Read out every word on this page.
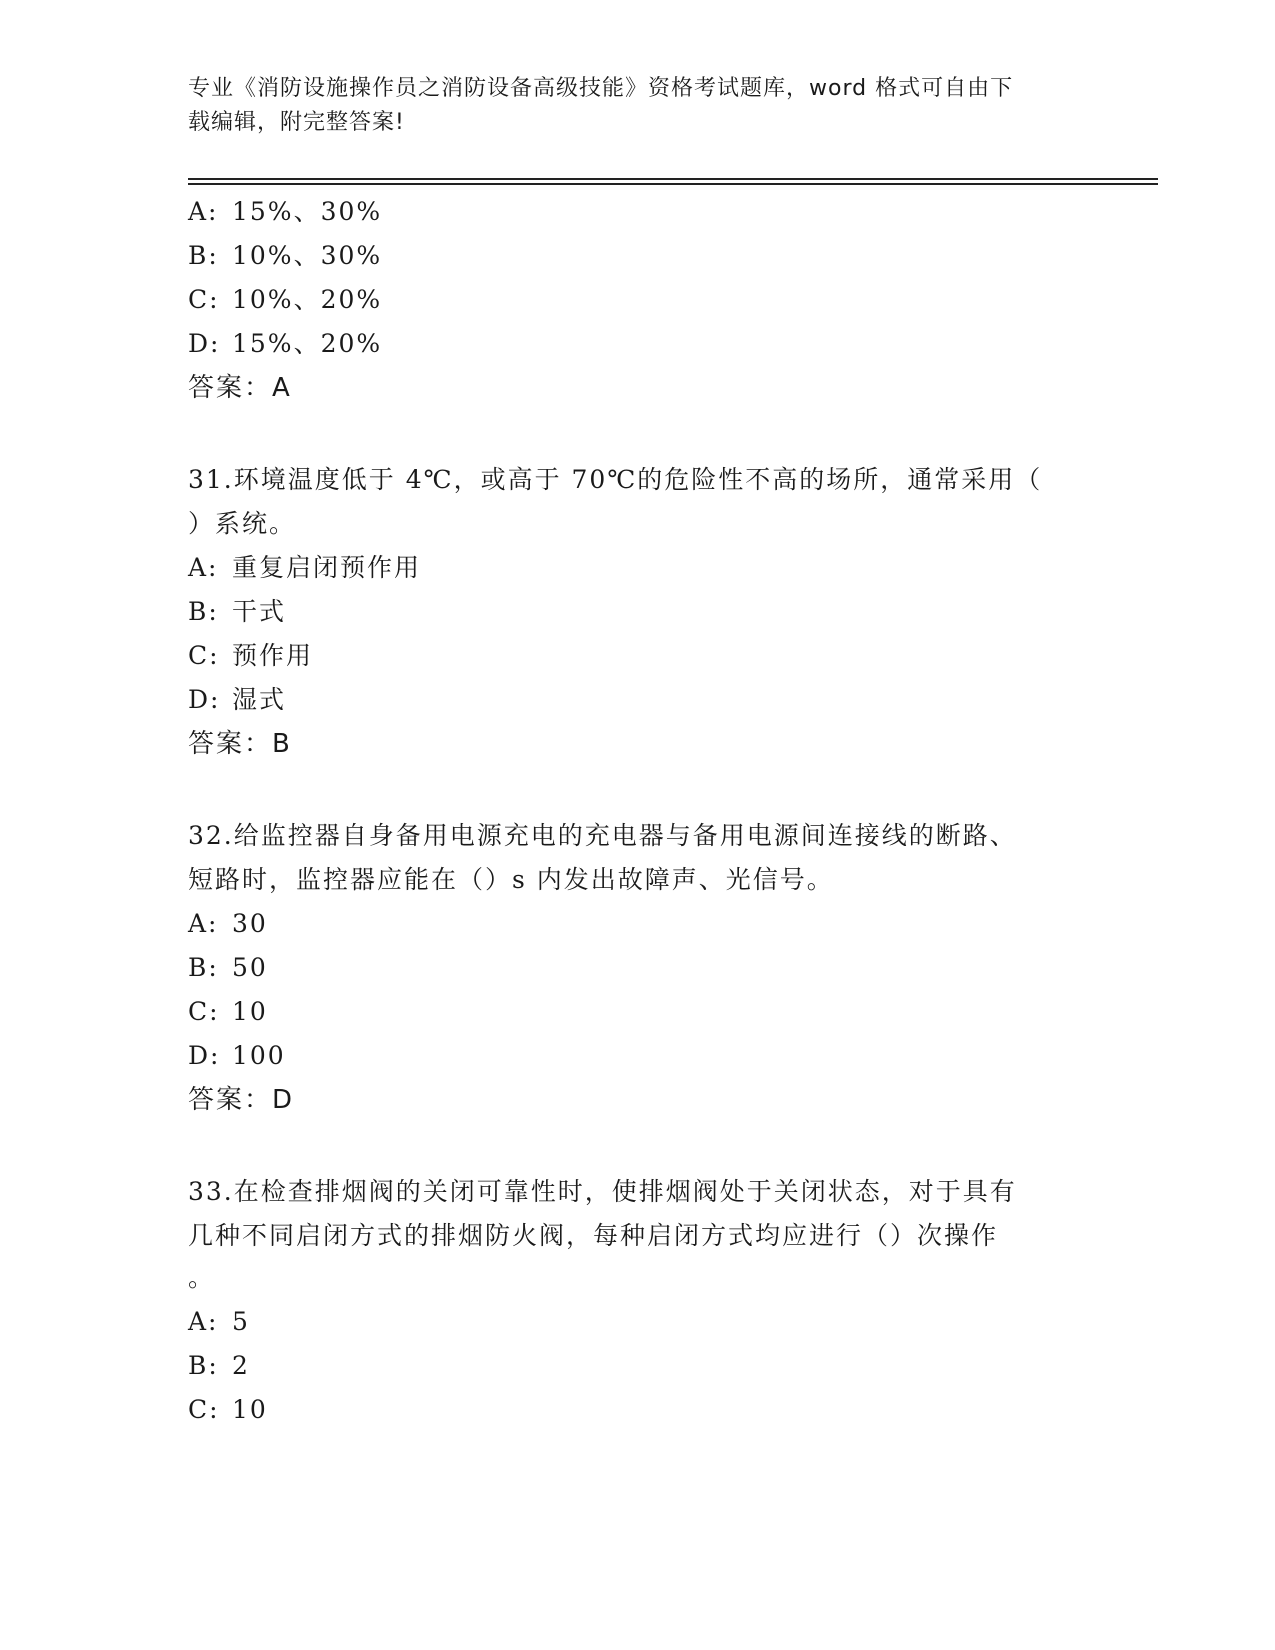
专业《消防设施操作员之消防设备高级技能》资格考试题库，word 格式可自由下
载编辑，附完整答案!
A: 15%、30%
B: 10%、30%
C: 10%、20%
D: 15%、20%
答案：A
31.环境温度低于 4℃，或高于 70℃的危险性不高的场所，通常采用（
）系统。
A: 重复启闭预作用
B: 干式
C: 预作用
D: 湿式
答案：B
32.给监控器自身备用电源充电的充电器与备用电源间连接线的断路、
短路时，监控器应能在（）s 内发出故障声、光信号。
A: 30
B: 50
C: 10
D: 100
答案：D
33.在检查排烟阀的关闭可靠性时，使排烟阀处于关闭状态，对于具有
几种不同启闭方式的排烟防火阀，每种启闭方式均应进行（）次操作
。
A: 5
B: 2
C: 10
